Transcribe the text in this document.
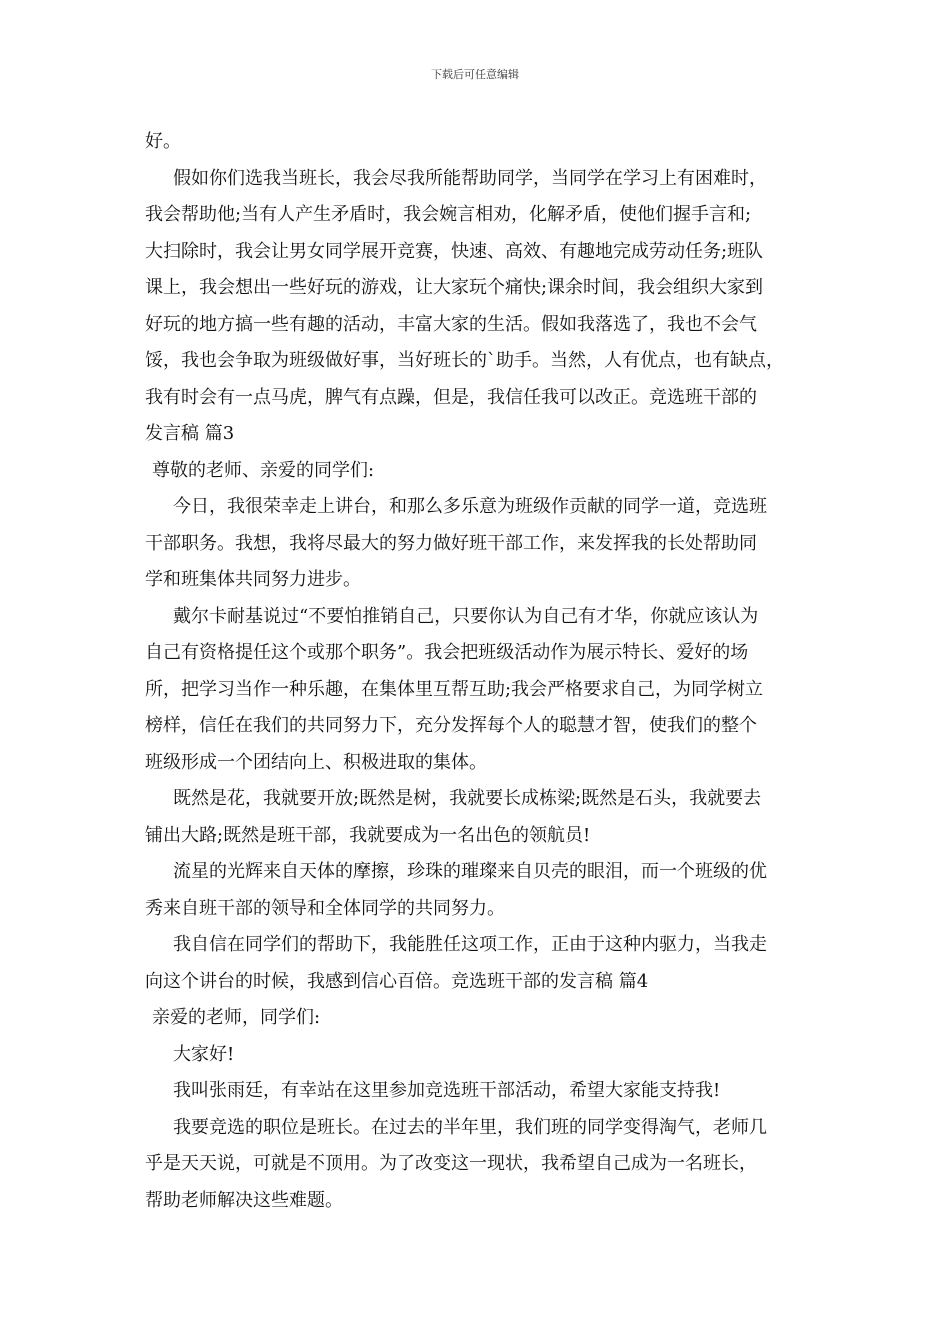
下载后可任意编辑
好。
假如你们选我当班长，我会尽我所能帮助同学，当同学在学习上有困难时，
我会帮助他;当有人产生矛盾时，我会婉言相劝，化解矛盾，使他们握手言和;
大扫除时，我会让男女同学展开竞赛，快速、高效、有趣地完成劳动任务;班队
课上，我会想出一些好玩的游戏，让大家玩个痛快;课余时间，我会组织大家到
好玩的地方搞一些有趣的活动，丰富大家的生活。假如我落选了，我也不会气
馁，我也会争取为班级做好事，当好班长的`助手。当然，人有优点，也有缺点，
我有时会有一点马虎，脾气有点躁，但是，我信任我可以改正。竞选班干部的
发言稿 篇3
尊敬的老师、亲爱的同学们:
今日，我很荣幸走上讲台，和那么多乐意为班级作贡献的同学一道，竞选班
干部职务。我想，我将尽最大的努力做好班干部工作，来发挥我的长处帮助同
学和班集体共同努力进步。
戴尔卡耐基说过“不要怕推销自己，只要你认为自己有才华，你就应该认为
自己有资格提任这个或那个职务”。我会把班级活动作为展示特长、爱好的场
所，把学习当作一种乐趣，在集体里互帮互助;我会严格要求自己，为同学树立
榜样，信任在我们的共同努力下，充分发挥每个人的聪慧才智，使我们的整个
班级形成一个团结向上、积极进取的集体。
既然是花，我就要开放;既然是树，我就要长成栋梁;既然是石头，我就要去
铺出大路;既然是班干部，我就要成为一名出色的领航员!
流星的光辉来自天体的摩擦，珍珠的璀璨来自贝壳的眼泪，而一个班级的优
秀来自班干部的领导和全体同学的共同努力。
我自信在同学们的帮助下，我能胜任这项工作，正由于这种内驱力，当我走
向这个讲台的时候，我感到信心百倍。竞选班干部的发言稿 篇4
亲爱的老师，同学们:
大家好!
我叫张雨廷，有幸站在这里参加竞选班干部活动，希望大家能支持我!
我要竞选的职位是班长。在过去的半年里，我们班的同学变得淘气，老师几
乎是天天说，可就是不顶用。为了改变这一现状，我希望自己成为一名班长，
帮助老师解决这些难题。
